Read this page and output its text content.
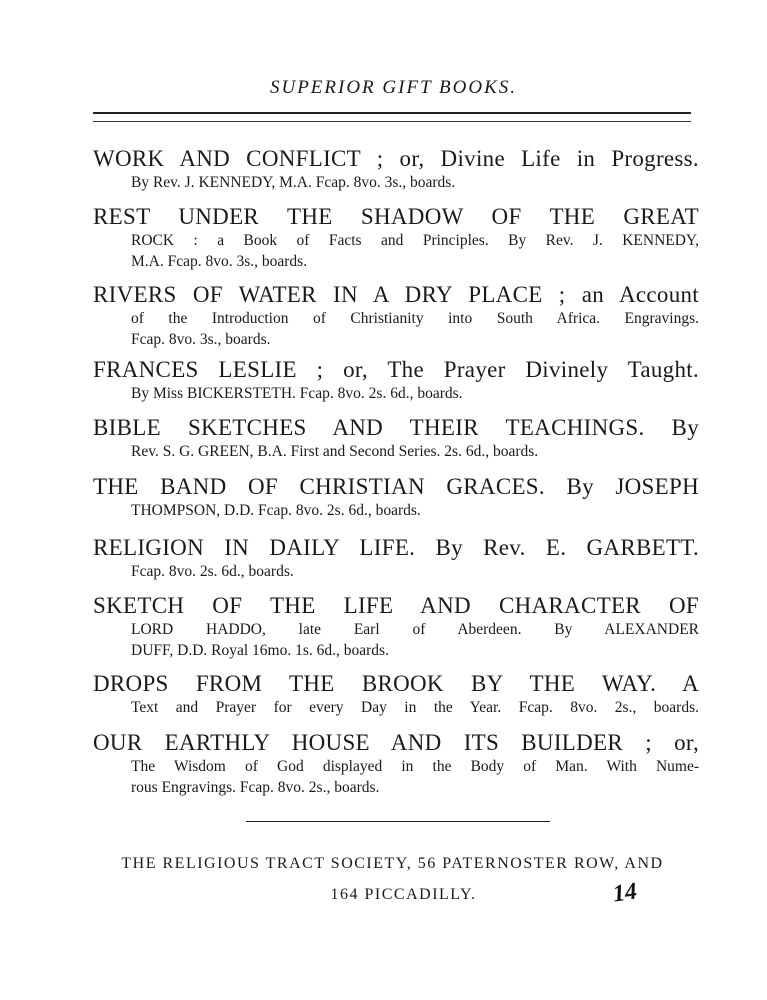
SUPERIOR GIFT BOOKS.
WORK AND CONFLICT ; or, Divine Life in Progress.
By Rev. J. KENNEDY, M.A. Fcap. 8vo. 3s., boards.
REST UNDER THE SHADOW OF THE GREAT
ROCK : a Book of Facts and Principles. By Rev. J. KENNEDY,
M.A. Fcap. 8vo. 3s., boards.
RIVERS OF WATER IN A DRY PLACE ; an Account
of the Introduction of Christianity into South Africa. Engravings.
Fcap. 8vo. 3s., boards.
FRANCES LESLIE ; or, The Prayer Divinely Taught.
By Miss BICKERSTETH. Fcap. 8vo. 2s. 6d., boards.
BIBLE SKETCHES AND THEIR TEACHINGS. By
Rev. S. G. GREEN, B.A. First and Second Series. 2s. 6d., boards.
THE BAND OF CHRISTIAN GRACES. By JOSEPH
THOMPSON, D.D. Fcap. 8vo. 2s. 6d., boards.
RELIGION IN DAILY LIFE. By Rev. E. GARBETT.
Fcap. 8vo. 2s. 6d., boards.
SKETCH OF THE LIFE AND CHARACTER OF
LORD HADDO, late Earl of Aberdeen. By ALEXANDER
DUFF, D.D. Royal 16mo. 1s. 6d., boards.
DROPS FROM THE BROOK BY THE WAY. A
Text and Prayer for every Day in the Year. Fcap. 8vo. 2s., boards.
OUR EARTHLY HOUSE AND ITS BUILDER ; or,
The Wisdom of God displayed in the Body of Man. With Nume-
rous Engravings. Fcap. 8vo. 2s., boards.
THE RELIGIOUS TRACT SOCIETY, 56 PATERNOSTER ROW, AND
164 PICCADILLY.	14
